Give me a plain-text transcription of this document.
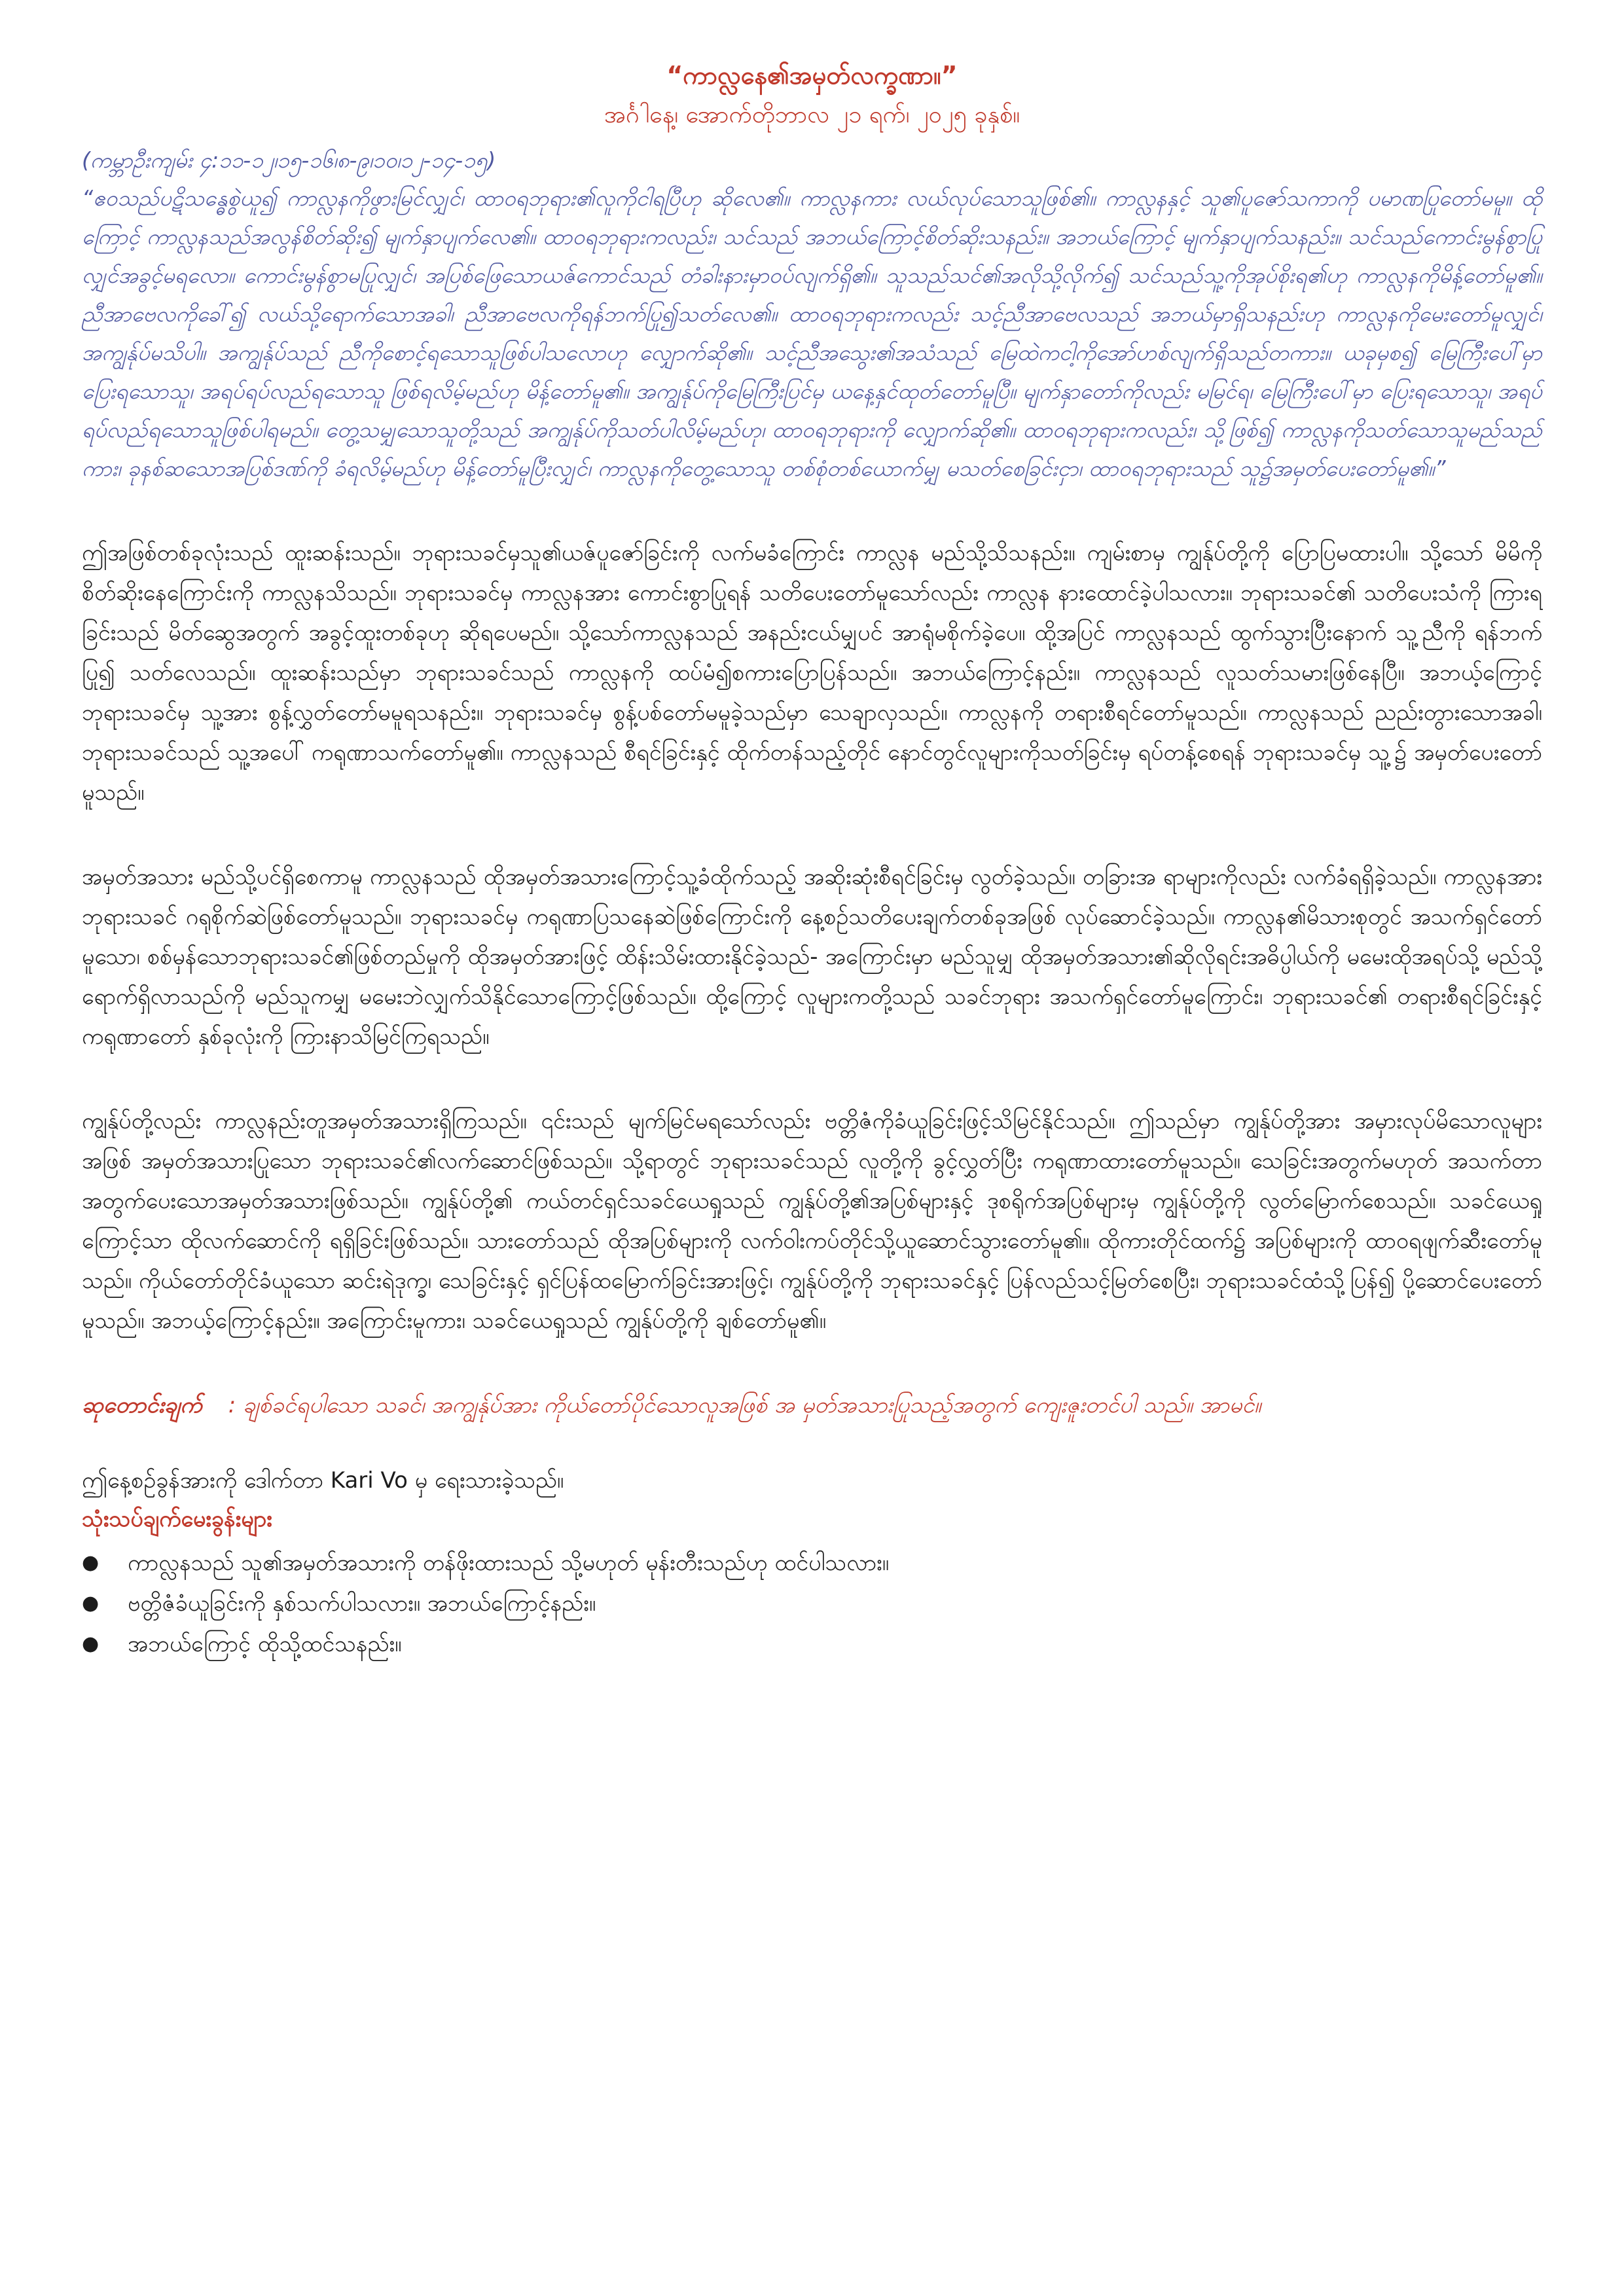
“ကာလ္လနေ၏အမှတ်လက္ခဏာ။”

အင်္ဂါနေ့၊ အောက်တိုဘာလ ၂၁ ရက်၊ ၂၀၂၅ ခုနှစ်။

(ကမ္ဘာဦးကျမ်း ၄:၁၁-၁၂၊၁၅-၁၆၊၈-၉၊၁၀၊၁၂-၁၄-၁၅)

“ဧဝသည်ပဋိသန္ဓေစွဲယူ၍ ကာလ္လနကိုဖွားမြင်လျှင်၊ ထာဝရဘုရား၏လူကိုငါရပြီဟု ဆိုလေ၏။ ကာလ္လနကား လယ်လုပ်သောသူဖြစ်၏။ ကာလ္လနနှင့် သူ၏ပူဇော်သကာကို ပမာဏပြုတော်မမူ။ ထိုကြောင့် ကာလ္လနသည်အလွန်စိတ်ဆိုး၍ မျက်နှာပျက်လေ၏။ ထာဝရဘုရားကလည်း၊ သင်သည် အဘယ်ကြောင့်စိတ်ဆိုးသနည်း။ အဘယ်ကြောင့် မျက်နှာပျက်သနည်း။ သင်သည်ကောင်းမွန်စွာပြုလျှင်အခွင့်မရလော။ ကောင်းမွန်စွာမပြုလျှင်၊ အပြစ်ဖြေသောယဇ်ကောင်သည် တံခါးနားမှာဝပ်လျက်ရှိ၏။ သူသည်သင်၏အလိုသို့လိုက်၍ သင်သည်သူ့ကိုအုပ်စိုးရ၏ဟု ကာလ္လနကိုမိန့်တော်မူ၏။ ညီအာဗေလကိုခေါ်၍ လယ်သို့ရောက်သောအခါ၊ ညီအာဗေလကိုရန်ဘက်ပြု၍သတ်လေ၏။ ထာဝရဘုရားကလည်း သင့်ညီအာဗေလသည် အဘယ်မှာရှိသနည်းဟု ကာလ္လနကိုမေးတော်မူလျှင်၊ အကျွန်ုပ်မသိပါ။ အကျွန်ုပ်သည် ညီကိုစောင့်ရသောသူဖြစ်ပါသလောဟု လျှောက်ဆို၏။ သင့်ညီအသွေး၏အသံသည် မြေထဲကငါ့ကိုအော်ဟစ်လျက်ရှိသည်တကား။ ယခုမှစ၍ မြေကြီးပေါ်မှာ ပြေးရသောသူ၊ အရပ်ရပ်လည်ရသောသူ ဖြစ်ရလိမ့်မည်ဟု မိန့်တော်မူ၏။ အကျွန်ုပ်ကိုမြေကြီးပြင်မှ ယနေ့နှင်ထုတ်တော်မူပြီ။ မျက်နှာတော်ကိုလည်း မမြင်ရ၊ မြေကြီးပေါ်မှာ ပြေးရသောသူ၊ အရပ်ရပ်လည်ရသောသူဖြစ်ပါရမည်။ တွေ့သမျှသောသူတို့သည် အကျွန်ုပ်ကိုသတ်ပါလိမ့်မည်ဟု၊ ထာဝရဘုရားကို လျှောက်ဆို၏။ ထာဝရဘုရားကလည်း၊ သို့ဖြစ်၍ ကာလ္လနကိုသတ်သောသူမည်သည်ကား၊ ခုနစ်ဆသောအပြစ်ဒဏ်ကို ခံရလိမ့်မည်ဟု မိန့်တော်မူပြီးလျှင်၊ ကာလ္လနကိုတွေ့သောသူ တစ်စုံတစ်ယောက်မျှ မသတ်စေခြင်းငှာ၊ ထာဝရဘုရားသည် သူ၌အမှတ်ပေးတော်မူ၏။”

ဤအဖြစ်တစ်ခုလုံးသည် ထူးဆန်းသည်။ ဘုရားသခင်မှသူ၏ယဇ်ပူဇော်ခြင်းကို လက်မခံကြောင်း ကာလ္လန မည်သို့သိသနည်း။ ကျမ်းစာမှ ကျွန်ုပ်တို့ကို ပြောပြမထားပါ။ သို့သော် မိမိကိုစိတ်ဆိုးနေကြောင်းကို ကာလ္လနသိသည်။ ဘုရားသခင်မှ ကာလ္လနအား ကောင်းစွာပြုရန် သတိပေးတော်မူသော်လည်း ကာလ္လန နားထောင်ခဲ့ပါသလား။ ဘုရားသခင်၏ သတိပေးသံကို ကြားရခြင်းသည် မိတ်ဆွေအတွက် အခွင့်ထူးတစ်ခုဟု ဆိုရပေမည်။ သို့သော်ကာလ္လနသည် အနည်းငယ်မျှပင် အာရုံမစိုက်ခဲ့ပေ။ ထို့အပြင် ကာလ္လနသည် ထွက်သွားပြီးနောက် သူ့ညီကို ရန်ဘက်ပြု၍ သတ်လေသည်။ ထူးဆန်းသည်မှာ ဘုရားသခင်သည် ကာလ္လနကို ထပ်မံ၍စကားပြောပြန်သည်။ အဘယ်ကြောင့်နည်း။ ကာလ္လနသည် လူသတ်သမားဖြစ်နေပြီ။ အဘယ့်ကြောင့် ဘုရားသခင်မှ သူ့အား စွန့်လွှတ်တော်မမူရသနည်း။ ဘုရားသခင်မှ စွန့်ပစ်တော်မမူခဲ့သည်မှာ သေချာလှသည်။ ကာလ္လနကို တရားစီရင်တော်မူသည်။ ကာလ္လနသည် ညည်းတွားသောအခါ၊ ဘုရားသခင်သည် သူ့အပေါ် ကရုဏာသက်တော်မူ၏။ ကာလ္လနသည် စီရင်ခြင်းနှင့် ထိုက်တန်သည့်တိုင် နောင်တွင်လူများကိုသတ်ခြင်းမှ ရပ်တန့်စေရန် ဘုရားသခင်မှ သူ့၌ အမှတ်ပေးတော်မူသည်။

အမှတ်အသား မည်သို့ပင်ရှိစေကာမူ ကာလ္လနသည် ထိုအမှတ်အသားကြောင့်သူ့ခံထိုက်သည့် အဆိုးဆုံးစီရင်ခြင်းမှ လွတ်ခဲ့သည်။ တခြားအ ရာများကိုလည်း လက်ခံရရှိခဲ့သည်။ ကာလ္လနအား ဘုရားသခင် ဂရုစိုက်ဆဲဖြစ်တော်မူသည်။ ဘုရားသခင်မှ ကရုဏာပြသနေဆဲဖြစ်ကြောင်းကို နေ့စဉ်သတိပေးချက်တစ်ခုအဖြစ် လုပ်ဆောင်ခဲ့သည်။ ကာလ္လန၏မိသားစုတွင် အသက်ရှင်တော်မူသော၊ စစ်မှန်သောဘုရားသခင်၏ဖြစ်တည်မှုကို ထိုအမှတ်အားဖြင့် ထိန်းသိမ်းထားနိုင်ခဲ့သည်- အကြောင်းမှာ မည်သူမျှ ထိုအမှတ်အသား၏ဆိုလိုရင်းအဓိပ္ပါယ်ကို မမေးထိုအရပ်သို့ မည်သို့ရောက်ရှိလာသည်ကို မည်သူကမျှ မမေးဘဲလျှက်သိနိုင်သောကြောင့်ဖြစ်သည်။ ထို့ကြောင့် လူများကတို့သည် သခင်ဘုရား အသက်ရှင်တော်မူကြောင်း၊ ဘုရားသခင်၏ တရားစီရင်ခြင်းနှင့် ကရုဏာတော် နှစ်ခုလုံးကို ကြားနာသိမြင်ကြရသည်။

ကျွန်ုပ်တို့လည်း ကာလ္လနည်းတူအမှတ်အသားရှိကြသည်။ ၎င်းသည် မျက်မြင်မရသော်လည်း ဗတ္တိဇံကိုခံယူခြင်းဖြင့်သိမြင်နိုင်သည်။ ဤသည်မှာ ကျွန်ုပ်တို့အား အမှားလုပ်မိသောလူများအဖြစ် အမှတ်အသားပြုသော ဘုရားသခင်၏လက်ဆောင်ဖြစ်သည်။ သို့ရာတွင် ဘုရားသခင်သည် လူတို့ကို ခွင့်လွှတ်ပြီး ကရုဏာထားတော်မူသည်။ သေခြင်းအတွက်မဟုတ် အသက်တာအတွက်ပေးသောအမှတ်အသားဖြစ်သည်။ ကျွန်ုပ်တို့၏ ကယ်တင်ရှင်သခင်ယေရှုသည် ကျွန်ုပ်တို့၏အပြစ်များနှင့် ဒုစရိုက်အပြစ်များမှ ကျွန်ုပ်တို့ကို လွတ်မြောက်စေသည်။ သခင်ယေရှုကြောင့်သာ ထိုလက်ဆောင်ကို ရရှိခြင်းဖြစ်သည်။ သားတော်သည် ထိုအပြစ်များကို လက်ဝါးကပ်တိုင်သို့ယူဆောင်သွားတော်မူ၏။ ထိုကားတိုင်ထက်၌ အပြစ်များကို ထာဝရဖျက်ဆီးတော်မူသည်။ ကိုယ်တော်တိုင်ခံယူသော ဆင်းရဲဒုက္ခ၊ သေခြင်းနှင့် ရှင်ပြန်ထမြောက်ခြင်းအားဖြင့်၊ ကျွန်ုပ်တို့ကို ဘုရားသခင်နှင့် ပြန်လည်သင့်မြတ်စေပြီး၊ ဘုရားသခင်ထံသို့ပြန်၍ ပို့ဆောင်ပေးတော်မူသည်။ အဘယ့်ကြောင့်နည်း။ အကြောင်းမူကား၊ သခင်ယေရှုသည် ကျွန်ုပ်တို့ကို ချစ်တော်မူ၏။

ဆုတောင်းချက် : ချစ်ခင်ရပါသော သခင်၊ အကျွန်ုပ်အား ကိုယ်တော်ပိုင်သောလူအဖြစ် အ မှတ်အသားပြုသည့်အတွက် ကျေးဇူးတင်ပါ သည်။ အာမင်။

ဤနေ့စဉ်ခွန်အားကို ဒေါက်တာ Kari Vo မှ ရေးသားခဲ့သည်။

သုံးသပ်ချက်မေးခွန်းများ

●	ကာလ္လနသည် သူ၏အမှတ်အသားကို တန်ဖိုးထားသည် သို့မဟုတ် မုန်းတီးသည်ဟု ထင်ပါသလား။
●	ဗတ္တိဇံခံယူခြင်းကို နှစ်သက်ပါသလား။ အဘယ်ကြောင့်နည်း။
●	အဘယ်ကြောင့် ထိုသို့ထင်သနည်း။
